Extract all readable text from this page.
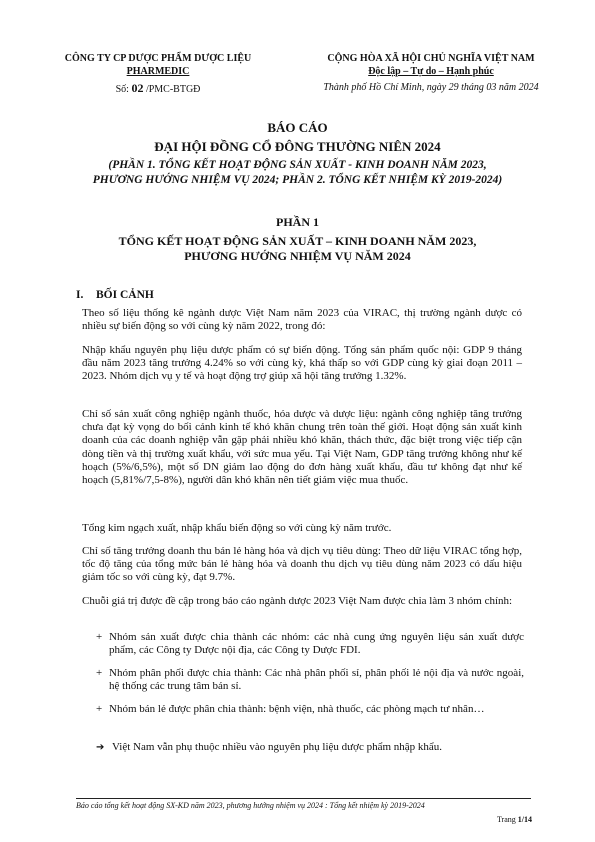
CÔNG TY CP DƯỢC PHẨM DƯỢC LIỆU
PHARMEDIC
Số: 02 /PMC-BTGĐ
CỘNG HÒA XÃ HỘI CHỦ NGHĨA VIỆT NAM
Độc lập – Tự do – Hạnh phúc
Thành phố Hồ Chí Minh, ngày 29 tháng 03 năm 2024
BÁO CÁO
ĐẠI HỘI ĐỒNG CỔ ĐÔNG THƯỜNG NIÊN 2024
(PHẦN 1. TỔNG KẾT HOẠT ĐỘNG SẢN XUẤT - KINH DOANH NĂM 2023,
PHƯƠNG HƯỚNG NHIỆM VỤ 2024; PHẦN 2. TỔNG KẾT NHIỆM KỲ 2019-2024)
PHẦN 1
TỔNG KẾT HOẠT ĐỘNG SẢN XUẤT – KINH DOANH NĂM 2023,
PHƯƠNG HƯỚNG NHIỆM VỤ NĂM 2024
I. BỐI CẢNH
Theo số liệu thống kê ngành dược Việt Nam năm 2023 của VIRAC, thị trường ngành dược có nhiều sự biến động so với cùng kỳ năm 2022, trong đó:
Nhập khẩu nguyên phụ liệu dược phẩm có sự biến động. Tổng sản phẩm quốc nội: GDP 9 tháng đầu năm 2023 tăng trưởng 4.24% so với cùng kỳ, khá thấp so với GDP cùng kỳ giai đoạn 2011 – 2023. Nhóm dịch vụ y tế và hoạt động trợ giúp xã hội tăng trưởng 1.32%.
Chỉ số sản xuất công nghiệp ngành thuốc, hóa dược và dược liệu: ngành công nghiệp tăng trưởng chưa đạt kỳ vọng do bối cảnh kinh tế khó khăn chung trên toàn thế giới. Hoạt động sản xuất kinh doanh của các doanh nghiệp vẫn gặp phải nhiều khó khăn, thách thức, đặc biệt trong việc tiếp cận dòng tiền và thị trường xuất khẩu, với sức mua yếu. Tại Việt Nam, GDP tăng trưởng không như kế hoạch (5%/6,5%), một số DN giảm lao động do đơn hàng xuất khẩu, đầu tư không đạt như kế hoạch (5,81%/7,5-8%), người dân khó khăn nên tiết giảm việc mua thuốc.
Tổng kim ngạch xuất, nhập khẩu biến động so với cùng kỳ năm trước.
Chỉ số tăng trưởng doanh thu bán lẻ hàng hóa và dịch vụ tiêu dùng: Theo dữ liệu VIRAC tổng hợp, tốc độ tăng của tổng mức bán lẻ hàng hóa và doanh thu dịch vụ tiêu dùng năm 2023 có dấu hiệu giảm tốc so với cùng kỳ, đạt 9.7%.
Chuỗi giá trị được đề cập trong báo cáo ngành dược 2023 Việt Nam được chia làm 3 nhóm chính:
+ Nhóm sản xuất được chia thành các nhóm: các nhà cung ứng nguyên liệu sản xuất dược phẩm, các Công ty Dược nội địa, các Công ty Dược FDI.
+ Nhóm phân phối được chia thành: Các nhà phân phối sỉ, phân phối lẻ nội địa và nước ngoài, hệ thống các trung tâm bán sỉ.
+ Nhóm bán lẻ được phân chia thành: bệnh viện, nhà thuốc, các phòng mạch tư nhân…
➔ Việt Nam vẫn phụ thuộc nhiều vào nguyên phụ liệu dược phẩm nhập khẩu.
Báo cáo tổng kết hoạt động SX-KD năm 2023, phương hướng nhiệm vụ 2024 : Tổng kết nhiệm kỳ 2019-2024
Trang 1/14
